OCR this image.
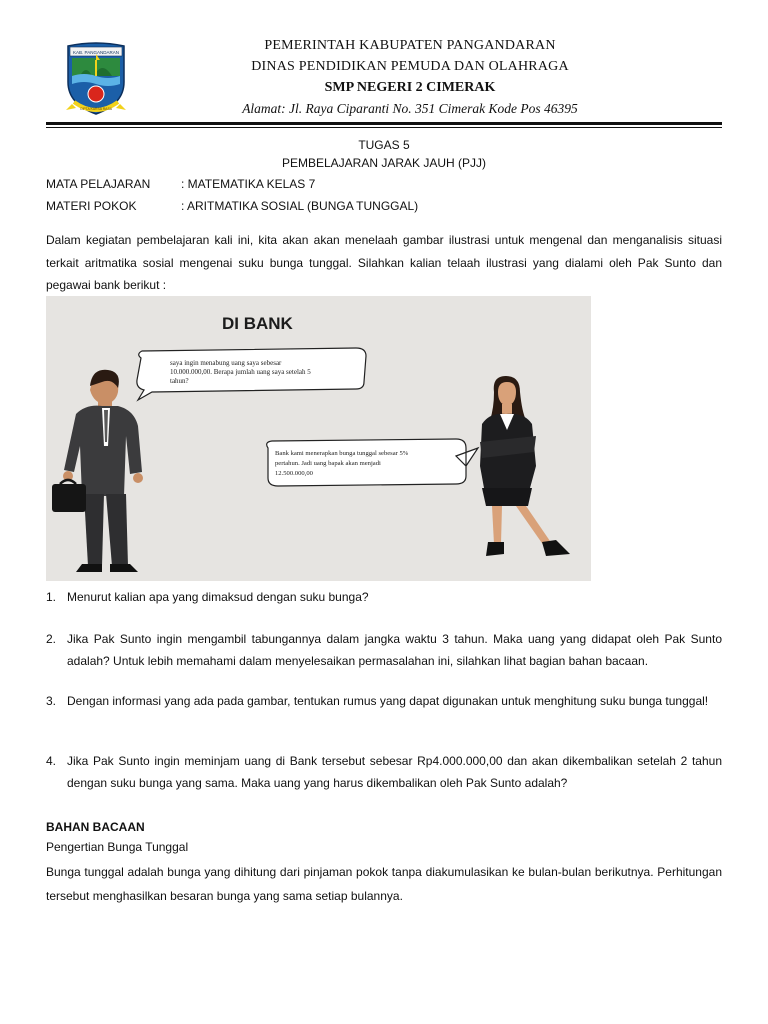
KAB. PANGANDARAN
CIPTA KARSA RASA
PEMERINTAH KABUPATEN PANGANDARAN
DINAS PENDIDIKAN PEMUDA DAN OLAHRAGA
SMP NEGERI 2 CIMERAK
Alamat: Jl. Raya Ciparanti No. 351 Cimerak Kode Pos 46395
TUGAS 5
PEMBELAJARAN JARAK JAUH (PJJ)
MATA PELAJARAN	: MATEMATIKA KELAS 7
MATERI POKOK	: ARITMATIKA SOSIAL (BUNGA TUNGGAL)
Dalam kegiatan pembelajaran kali ini, kita akan akan menelaah gambar ilustrasi untuk mengenal dan menganalisis situasi terkait aritmatika sosial mengenai suku bunga tunggal. Silahkan kalian telaah ilustrasi yang dialami oleh Pak Sunto dan pegawai bank berikut :
DI BANK
saya ingin menabung uang saya sebesar
10.000.000,00. Berapa jumlah uang saya setelah 5
tahun?
Bank kami menerapkan bunga tunggal sebesar 5%
pertahun. Jadi uang bapak akan menjadi
12.500.000,00
1. Menurut kalian apa yang dimaksud dengan suku bunga?
2. Jika Pak Sunto ingin mengambil tabungannya dalam jangka waktu 3 tahun. Maka uang yang didapat oleh Pak Sunto adalah? Untuk lebih memahami dalam menyelesaikan permasalahan ini, silahkan lihat bagian bahan bacaan.
3. Dengan informasi yang ada pada gambar, tentukan rumus yang dapat digunakan untuk menghitung suku bunga tunggal!
4. Jika Pak Sunto ingin meminjam uang di Bank tersebut sebesar Rp4.000.000,00 dan akan dikembalikan setelah 2 tahun dengan suku bunga yang sama. Maka uang yang harus dikembalikan oleh Pak Sunto adalah?
BAHAN BACAAN
Pengertian Bunga Tunggal
Bunga tunggal adalah bunga yang dihitung dari pinjaman pokok tanpa diakumulasikan ke bulan-bulan berikutnya. Perhitungan tersebut menghasilkan besaran bunga yang sama setiap bulannya.
